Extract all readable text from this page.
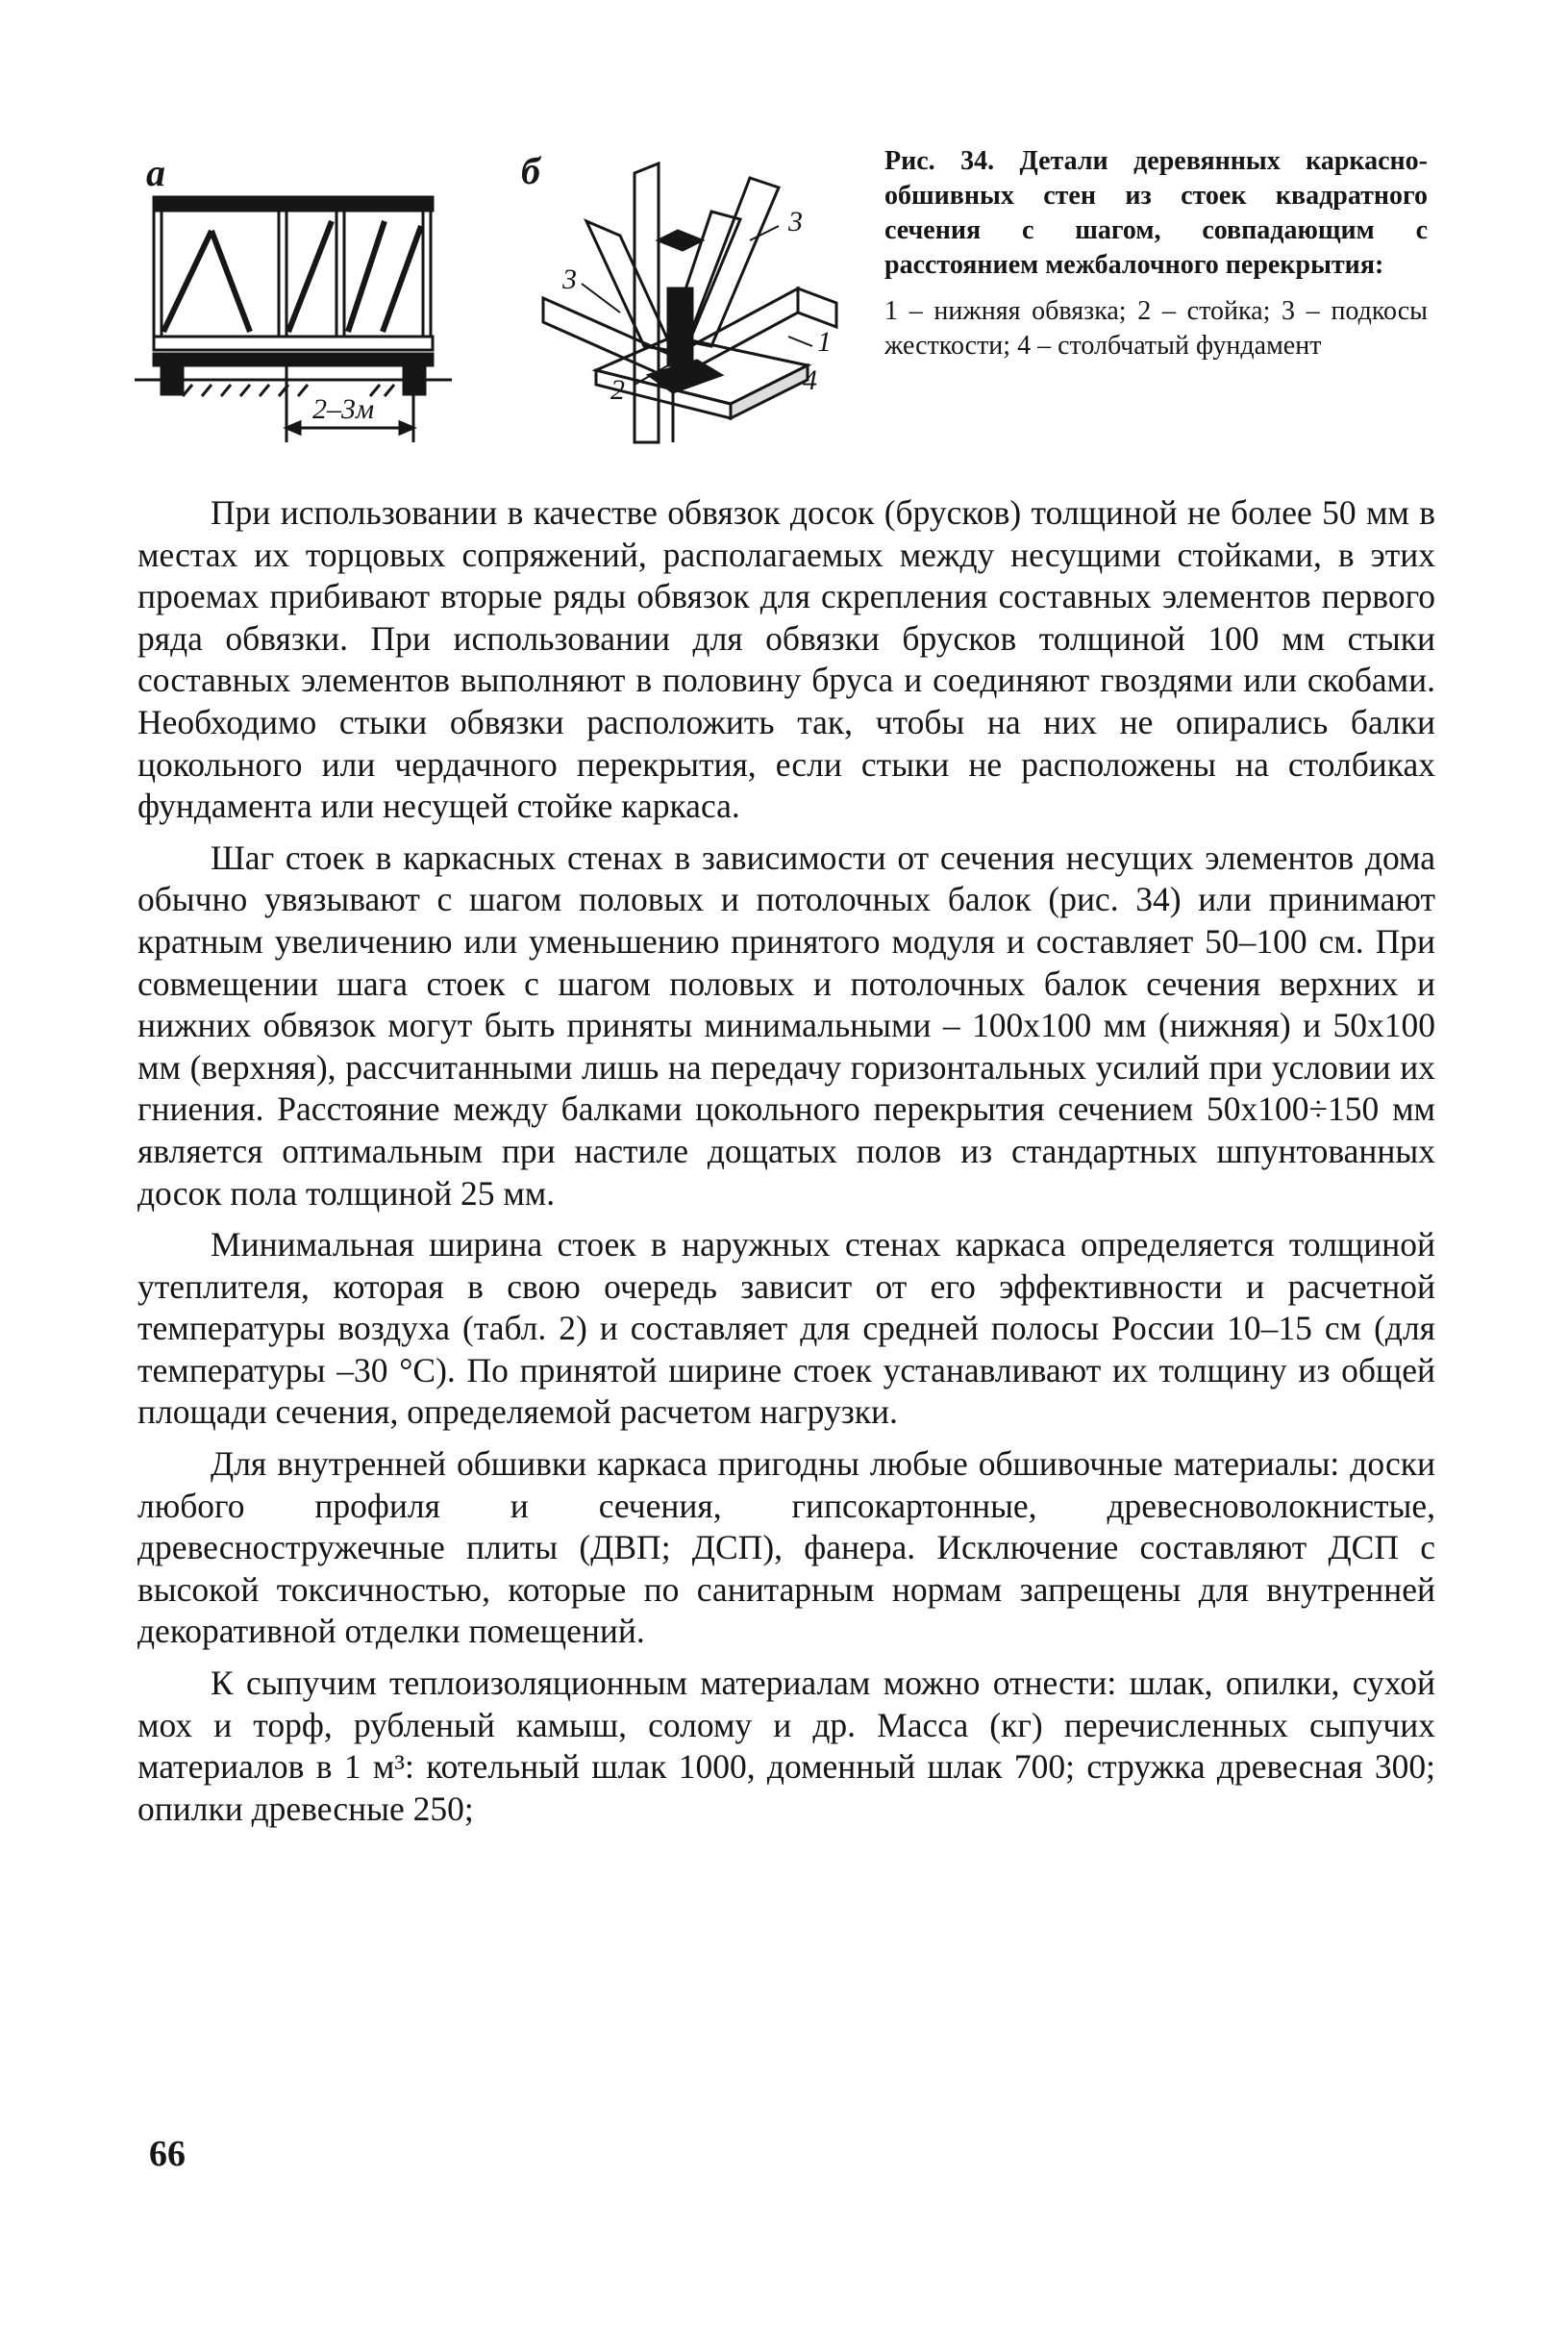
2–3м
3
3
2
1
4
а	б	Рис. 34. Детали деревянных каркасно-обшивных стен из стоек квадратного сечения с шагом, совпадающим с расстоянием межбалочного перекрытия:

1 – нижняя обвязка; 2 – стойка; 3 – подкосы жесткости; 4 – столбчатый фундамент

При использовании в качестве обвязок досок (брусков) толщиной не более 50 мм в местах их торцовых сопряжений, располагаемых между несущими стойками, в этих проемах прибивают вторые ряды обвязок для скрепления составных элементов первого ряда обвязки. При использовании для обвязки брусков толщиной 100 мм стыки составных элементов выполняют в половину бруса и соединяют гвоздями или скобами. Необходимо стыки обвязки расположить так, чтобы на них не опирались балки цокольного или чердачного перекрытия, если стыки не расположены на столбиках фундамента или несущей стойке каркаса.

Шаг стоек в каркасных стенах в зависимости от сечения несущих элементов дома обычно увязывают с шагом половых и потолочных балок (рис. 34) или принимают кратным увеличению или уменьшению принятого модуля и составляет 50–100 см. При совмещении шага стоек с шагом половых и потолочных балок сечения верхних и нижних обвязок могут быть приняты минимальными – 100х100 мм (нижняя) и 50х100 мм (верхняя), рассчитанными лишь на передачу горизонтальных усилий при условии их гниения. Расстояние между балками цокольного перекрытия сечением 50х100÷150 мм является оптимальным при настиле дощатых полов из стандартных шпунтованных досок пола толщиной 25 мм.

Минимальная ширина стоек в наружных стенах каркаса определяется толщиной утеплителя, которая в свою очередь зависит от его эффективности и расчетной температуры воздуха (табл. 2) и составляет для средней полосы России 10–15 см (для температуры –30 °С). По принятой ширине стоек устанавливают их толщину из общей площади сечения, определяемой расчетом нагрузки.

Для внутренней обшивки каркаса пригодны любые обшивочные материалы: доски любого профиля и сечения, гипсокартонные, древесноволокнистые, древесностружечные плиты (ДВП; ДСП), фанера. Исключение составляют ДСП с высокой токсичностью, которые по санитарным нормам запрещены для внутренней декоративной отделки помещений.

К сыпучим теплоизоляционным материалам можно отнести: шлак, опилки, сухой мох и торф, рубленый камыш, солому и др. Масса (кг) перечисленных сыпучих материалов в 1 м³: котельный шлак 1000, доменный шлак 700; стружка древесная 300; опилки древесные 250;

66
